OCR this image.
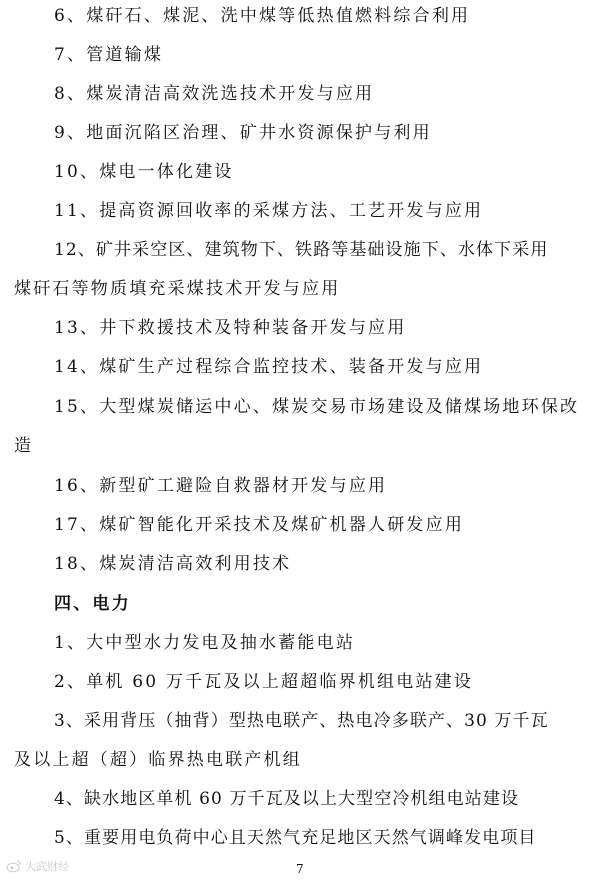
6、煤矸石、煤泥、洗中煤等低热值燃料综合利用
7、管道输煤
8、煤炭清洁高效洗选技术开发与应用
9、地面沉陷区治理、矿井水资源保护与利用
10、煤电一体化建设
11、提高资源回收率的采煤方法、工艺开发与应用
12、矿井采空区、建筑物下、铁路等基础设施下、水体下采用
煤矸石等物质填充采煤技术开发与应用
13、井下救援技术及特种装备开发与应用
14、煤矿生产过程综合监控技术、装备开发与应用
15、大型煤炭储运中心、煤炭交易市场建设及储煤场地环保改
造
16、新型矿工避险自救器材开发与应用
17、煤矿智能化开采技术及煤矿机器人研发应用
18、煤炭清洁高效利用技术
四、电力
1、大中型水力发电及抽水蓄能电站
2、单机 60 万千瓦及以上超超临界机组电站建设
3、采用背压（抽背）型热电联产、热电冷多联产、30 万千瓦
及以上超（超）临界热电联产机组
4、缺水地区单机 60 万千瓦及以上大型空冷机组电站建设
5、重要用电负荷中心且天然气充足地区天然气调峰发电项目
大武财经	7
